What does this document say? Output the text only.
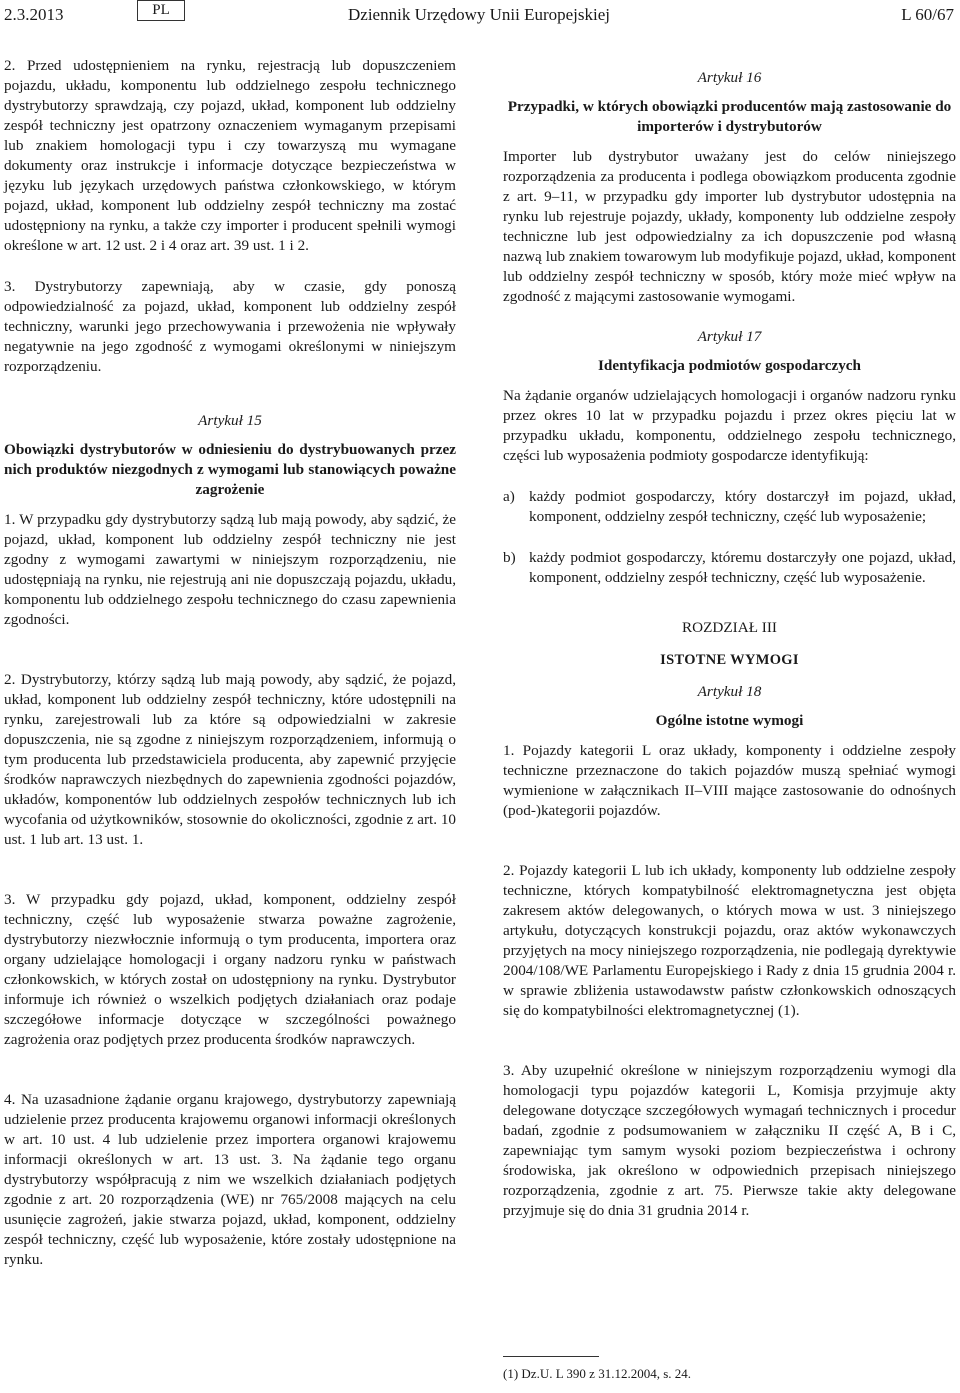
2.3.2013	PL	Dziennik Urzędowy Unii Europejskiej	L 60/67

2. Przed udostępnieniem na rynku, rejestracją lub dopuszczeniem pojazdu, układu, komponentu lub oddzielnego zespołu technicznego dystrybutorzy sprawdzają, czy pojazd, układ, komponent lub oddzielny zespół techniczny jest opatrzony oznaczeniem wymaganym przepisami lub znakiem homologacji typu i czy towarzyszą mu wymagane dokumenty oraz instrukcje i informacje dotyczące bezpieczeństwa w języku lub językach urzędowych państwa członkowskiego, w którym pojazd, układ, komponent lub oddzielny zespół techniczny ma zostać udostępniony na rynku, a także czy importer i producent spełnili wymogi określone w art. 12 ust. 2 i 4 oraz art. 39 ust. 1 i 2.

3. Dystrybutorzy zapewniają, aby w czasie, gdy ponoszą odpowiedzialność za pojazd, układ, komponent lub oddzielny zespół techniczny, warunki jego przechowywania i przewożenia nie wpływały negatywnie na jego zgodność z wymogami określonymi w niniejszym rozporządzeniu.

Artykuł 15

Obowiązki dystrybutorów w odniesieniu do dystrybuowanych przez nich produktów niezgodnych z wymogami lub stanowiących poważne zagrożenie

1. W przypadku gdy dystrybutorzy sądzą lub mają powody, aby sądzić, że pojazd, układ, komponent lub oddzielny zespół techniczny nie jest zgodny z wymogami zawartymi w niniejszym rozporządzeniu, nie udostępniają na rynku, nie rejestrują ani nie dopuszczają pojazdu, układu, komponentu lub oddzielnego zespołu technicznego do czasu zapewnienia zgodności.

2. Dystrybutorzy, którzy sądzą lub mają powody, aby sądzić, że pojazd, układ, komponent lub oddzielny zespół techniczny, które udostępnili na rynku, zarejestrowali lub za które są odpowiedzialni w zakresie dopuszczenia, nie są zgodne z niniejszym rozporządzeniem, informują o tym producenta lub przedstawiciela producenta, aby zapewnić przyjęcie środków naprawczych niezbędnych do zapewnienia zgodności pojazdów, układów, komponentów lub oddzielnych zespołów technicznych lub ich wycofania od użytkowników, stosownie do okoliczności, zgodnie z art. 10 ust. 1 lub art. 13 ust. 1.

3. W przypadku gdy pojazd, układ, komponent, oddzielny zespół techniczny, część lub wyposażenie stwarza poważne zagrożenie, dystrybutorzy niezwłocznie informują o tym producenta, importera oraz organy udzielające homologacji i organy nadzoru rynku w państwach członkowskich, w których został on udostępniony na rynku. Dystrybutor informuje ich również o wszelkich podjętych działaniach oraz podaje szczegółowe informacje dotyczące w szczególności poważnego zagrożenia oraz podjętych przez producenta środków naprawczych.

4. Na uzasadnione żądanie organu krajowego, dystrybutorzy zapewniają udzielenie przez producenta krajowemu organowi informacji określonych w art. 10 ust. 4 lub udzielenie przez importera organowi krajowemu informacji określonych w art. 13 ust. 3. Na żądanie tego organu dystrybutorzy współpracują z nim we wszelkich działaniach podjętych zgodnie z art. 20 rozporządzenia (WE) nr 765/2008 mających na celu usunięcie zagrożeń, jakie stwarza pojazd, układ, komponent, oddzielny zespół techniczny, część lub wyposażenie, które zostały udostępnione na rynku.

Artykuł 16

Przypadki, w których obowiązki producentów mają zastosowanie do importerów i dystrybutorów

Importer lub dystrybutor uważany jest do celów niniejszego rozporządzenia za producenta i podlega obowiązkom producenta zgodnie z art. 9–11, w przypadku gdy importer lub dystrybutor udostępnia na rynku lub rejestruje pojazdy, układy, komponenty lub oddzielne zespoły techniczne lub jest odpowiedzialny za ich dopuszczenie pod własną nazwą lub znakiem towarowym lub modyfikuje pojazd, układ, komponent lub oddzielny zespół techniczny w sposób, który może mieć wpływ na zgodność z mającymi zastosowanie wymogami.

Artykuł 17

Identyfikacja podmiotów gospodarczych

Na żądanie organów udzielających homologacji i organów nadzoru rynku przez okres 10 lat w przypadku pojazdu i przez okres pięciu lat w przypadku układu, komponentu, oddzielnego zespołu technicznego, części lub wyposażenia podmioty gospodarcze identyfikują:

a) każdy podmiot gospodarczy, który dostarczył im pojazd, układ, komponent, oddzielny zespół techniczny, część lub wyposażenie;
b) każdy podmiot gospodarczy, któremu dostarczyły one pojazd, układ, komponent, oddzielny zespół techniczny, część lub wyposażenie.

ROZDZIAŁ III

ISTOTNE WYMOGI

Artykuł 18

Ogólne istotne wymogi

1. Pojazdy kategorii L oraz układy, komponenty i oddzielne zespoły techniczne przeznaczone do takich pojazdów muszą spełniać wymogi wymienione w załącznikach II–VIII mające zastosowanie do odnośnych (pod-)kategorii pojazdów.

2. Pojazdy kategorii L lub ich układy, komponenty lub oddzielne zespoły techniczne, których kompatybilność elektromagnetyczna jest objęta zakresem aktów delegowanych, o których mowa w ust. 3 niniejszego artykułu, dotyczących konstrukcji pojazdu, oraz aktów wykonawczych przyjętych na mocy niniejszego rozporządzenia, nie podlegają dyrektywie 2004/108/WE Parlamentu Europejskiego i Rady z dnia 15 grudnia 2004 r. w sprawie zbliżenia ustawodawstw państw członkowskich odnoszących się do kompatybilności elektromagnetycznej (1).

3. Aby uzupełnić określone w niniejszym rozporządzeniu wymogi dla homologacji typu pojazdów kategorii L, Komisja przyjmuje akty delegowane dotyczące szczegółowych wymagań technicznych i procedur badań, zgodnie z podsumowaniem w załączniku II część A, B i C, zapewniając tym samym wysoki poziom bezpieczeństwa i ochrony środowiska, jak określono w odpowiednich przepisach niniejszego rozporządzenia, zgodnie z art. 75. Pierwsze takie akty delegowane przyjmuje się do dnia 31 grudnia 2014 r.

(1) Dz.U. L 390 z 31.12.2004, s. 24.
